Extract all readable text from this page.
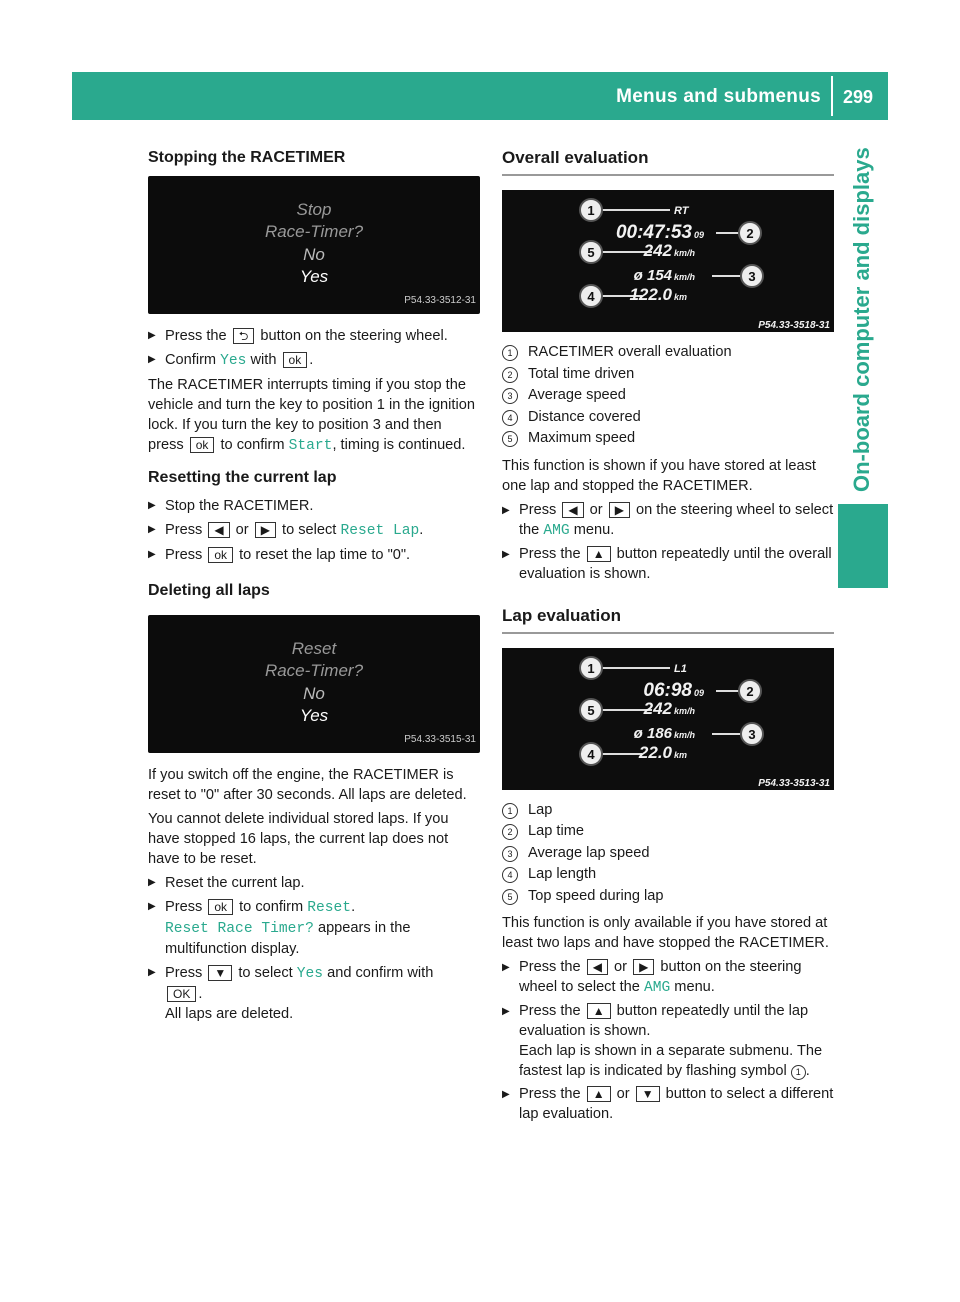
Menus and submenus 299
On-board computer and displays
Stopping the RACETIMER
Stop
Race-Timer?
No
Yes
P54.33-3512-31
▶ Press the ⮌ button on the steering wheel.
▶ Confirm Yes with ok .

The RACETIMER interrupts timing if you stop the vehicle and turn the key to position 1 in the ignition lock. If you turn the key to position 3 and then press ok to confirm Start, timing is continued.

Resetting the current lap
▶ Stop the RACETIMER.
▶ Press ◀ or ▶ to select Reset Lap.
▶ Press ok to reset the lap time to "0".
Deleting all laps
Reset
Race-Timer?
No
Yes
P54.33-3515-31

If you switch off the engine, the RACETIMER is reset to "0" after 30 seconds. All laps are deleted.

You cannot delete individual stored laps. If you have stopped 16 laps, the current lap does not have to be reset.

▶ Reset the current lap.
▶ Press ok to confirm Reset.
Reset Race Timer? appears in the multifunction display.
▶ Press ▼ to select Yes and confirm with
OK .
All laps are deleted.
Overall evaluation
1
5
4
2
3
RT
00:47:53 09
242 km/h
ø 154 km/h
122.0 km
P54.33-3518-31
1	RACETIMER overall evaluation
2	Total time driven
3	Average speed
4	Distance covered
5	Maximum speed

This function is shown if you have stored at least one lap and stopped the RACETIMER.

▶ Press ◀ or ▶ on the steering wheel to select the AMG menu.
▶ Press the ▲ button repeatedly until the overall evaluation is shown.
Lap evaluation
1
5
4
2
3
L1
06:98 09
242 km/h
ø 186 km/h
22.0 km
P54.33-3513-31
1	Lap
2	Lap time
3	Average lap speed
4	Lap length
5	Top speed during lap

This function is only available if you have stored at least two laps and have stopped the RACETIMER.

▶ Press the ◀ or ▶ button on the steering wheel to select the AMG menu.
▶ Press the ▲ button repeatedly until the lap evaluation is shown.
Each lap is shown in a separate submenu. The fastest lap is indicated by flashing symbol 1 .
▶ Press the ▲ or ▼ button to select a different lap evaluation.
